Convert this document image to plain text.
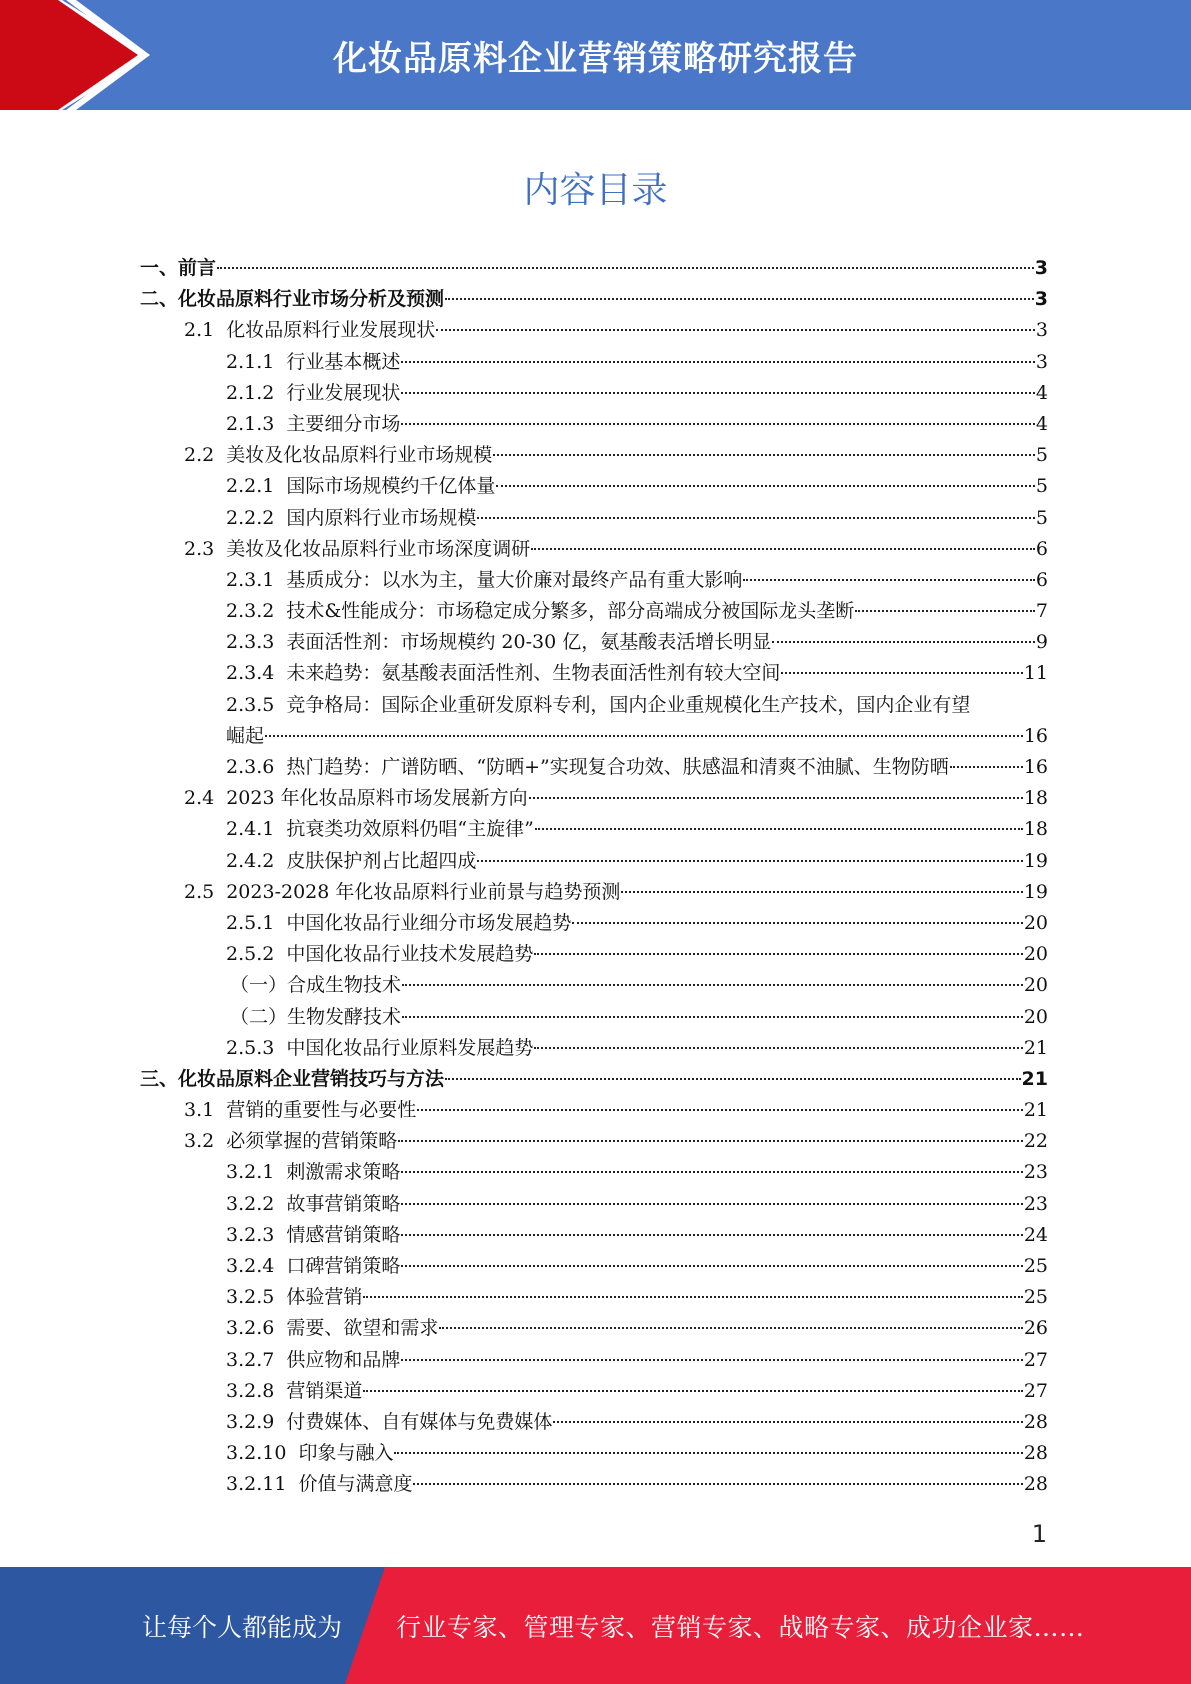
化妆品原料企业营销策略研究报告
内容目录
一、前言	3
二、化妆品原料行业市场分析及预测	3
2.1 化妆品原料行业发展现状	3
2.1.1 行业基本概述	3
2.1.2 行业发展现状	4
2.1.3 主要细分市场	4
2.2 美妆及化妆品原料行业市场规模	5
2.2.1 国际市场规模约千亿体量	5
2.2.2 国内原料行业市场规模	5
2.3 美妆及化妆品原料行业市场深度调研	6
2.3.1 基质成分：以水为主，量大价廉对最终产品有重大影响	6
2.3.2 技术&性能成分：市场稳定成分繁多，部分高端成分被国际龙头垄断	7
2.3.3 表面活性剂：市场规模约 20-30 亿，氨基酸表活增长明显	9
2.3.4 未来趋势：氨基酸表面活性剂、生物表面活性剂有较大空间	11
2.3.5 竞争格局：国际企业重研发原料专利，国内企业重规模化生产技术，国内企业有望
崛起	16
2.3.6 热门趋势：广谱防晒、“防晒+”实现复合功效、肤感温和清爽不油腻、生物防晒	16
2.4 2023 年化妆品原料市场发展新方向	18
2.4.1 抗衰类功效原料仍唱“主旋律”	18
2.4.2 皮肤保护剂占比超四成	19
2.5 2023-2028 年化妆品原料行业前景与趋势预测	19
2.5.1 中国化妆品行业细分市场发展趋势	20
2.5.2 中国化妆品行业技术发展趋势	20
（一）合成生物技术	20
（二）生物发酵技术	20
2.5.3 中国化妆品行业原料发展趋势	21
三、化妆品原料企业营销技巧与方法	21
3.1 营销的重要性与必要性	21
3.2 必须掌握的营销策略	22
3.2.1 刺激需求策略	23
3.2.2 故事营销策略	23
3.2.3 情感营销策略	24
3.2.4 口碑营销策略	25
3.2.5 体验营销	25
3.2.6 需要、欲望和需求	26
3.2.7 供应物和品牌	27
3.2.8 营销渠道	27
3.2.9 付费媒体、自有媒体与免费媒体	28
3.2.10 印象与融入	28
3.2.11 价值与满意度	28
1
让每个人都能成为 行业专家、管理专家、营销专家、战略专家、成功企业家……
